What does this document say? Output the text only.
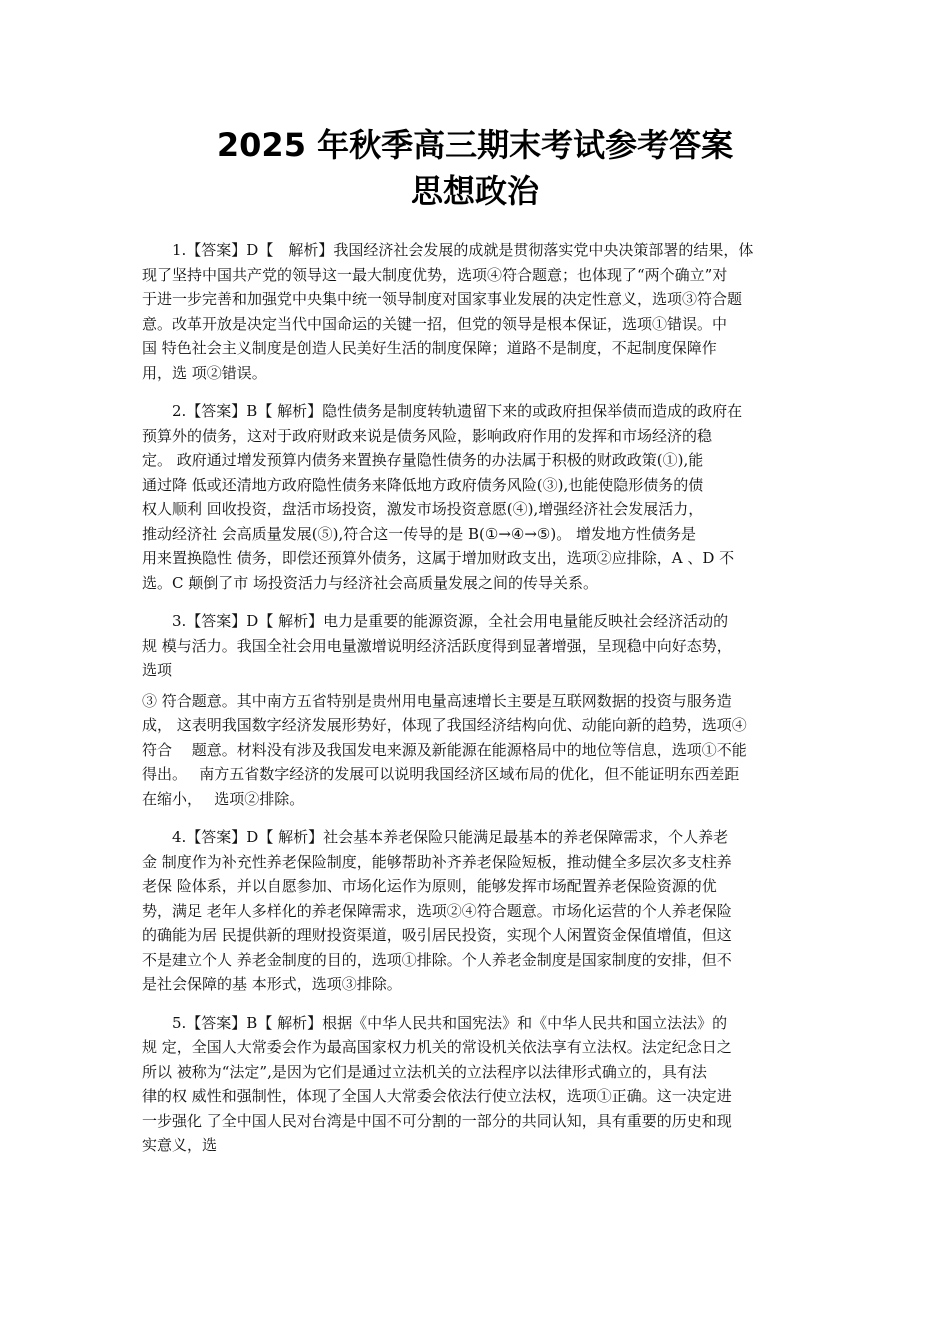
2025 年秋季高三期末考试参考答案
思想政治
1.【答案】D【　解析】我国经济社会发展的成就是贯彻落实党中央决策部署的结果，体
现了坚持中国共产党的领导这一最大制度优势，选项④符合题意；也体现了“两个确立”对
于进一步完善和加强党中央集中统一领导制度对国家事业发展的决定性意义，选项③符合题
意。改革开放是决定当代中国命运的关键一招，但党的领导是根本保证，选项①错误。中
国 特色社会主义制度是创造人民美好生活的制度保障；道路不是制度，不起制度保障作
用，选 项②错误。
2.【答案】B【 解析】隐性债务是制度转轨遗留下来的或政府担保举债而造成的政府在
预算外的债务，这对于政府财政来说是债务风险，影响政府作用的发挥和市场经济的稳
定。 政府通过增发预算内债务来置换存量隐性债务的办法属于积极的财政政策(①),能
通过降 低或还清地方政府隐性债务来降低地方政府债务风险(③),也能使隐形债务的债
权人顺利 回收投资，盘活市场投资，激发市场投资意愿(④),增强经济社会发展活力，
推动经济社 会高质量发展(⑤),符合这一传导的是 B(①→④→⑤)。 增发地方性债务是
用来置换隐性 债务，即偿还预算外债务，这属于增加财政支出，选项②应排除，A 、D 不
选。C 颠倒了市 场投资活力与经济社会高质量发展之间的传导关系。
3.【答案】D【 解析】电力是重要的能源资源，全社会用电量能反映社会经济活动的
规 模与活力。我国全社会用电量激增说明经济活跃度得到显著增强，呈现稳中向好态势，
选项
③ 符合题意。其中南方五省特别是贵州用电量高速增长主要是互联网数据的投资与服务造
成， 这表明我国数字经济发展形势好，体现了我国经济结构向优、动能向新的趋势，选项④
符合　 题意。材料没有涉及我国发电来源及新能源在能源格局中的地位等信息，选项①不能
得出。　 南方五省数字经济的发展可以说明我国经济区域布局的优化，但不能证明东西差距
在缩小，　 选项②排除。
4.【答案】D【 解析】社会基本养老保险只能满足最基本的养老保障需求，个人养老
金 制度作为补充性养老保险制度，能够帮助补齐养老保险短板，推动健全多层次多支柱养
老保 险体系，并以自愿参加、市场化运作为原则，能够发挥市场配置养老保险资源的优
势，满足 老年人多样化的养老保障需求，选项②④符合题意。市场化运营的个人养老保险
的确能为居 民提供新的理财投资渠道，吸引居民投资，实现个人闲置资金保值增值，但这
不是建立个人 养老金制度的目的，选项①排除。个人养老金制度是国家制度的安排，但不
是社会保障的基 本形式，选项③排除。
5.【答案】B【 解析】根据《中华人民共和国宪法》和《中华人民共和国立法法》的
规 定，全国人大常委会作为最高国家权力机关的常设机关依法享有立法权。法定纪念日之
所以 被称为“法定”,是因为它们是通过立法机关的立法程序以法律形式确立的，具有法
律的权 威性和强制性，体现了全国人大常委会依法行使立法权，选项①正确。这一决定进
一步强化 了全中国人民对台湾是中国不可分割的一部分的共同认知，具有重要的历史和现
实意义，选
